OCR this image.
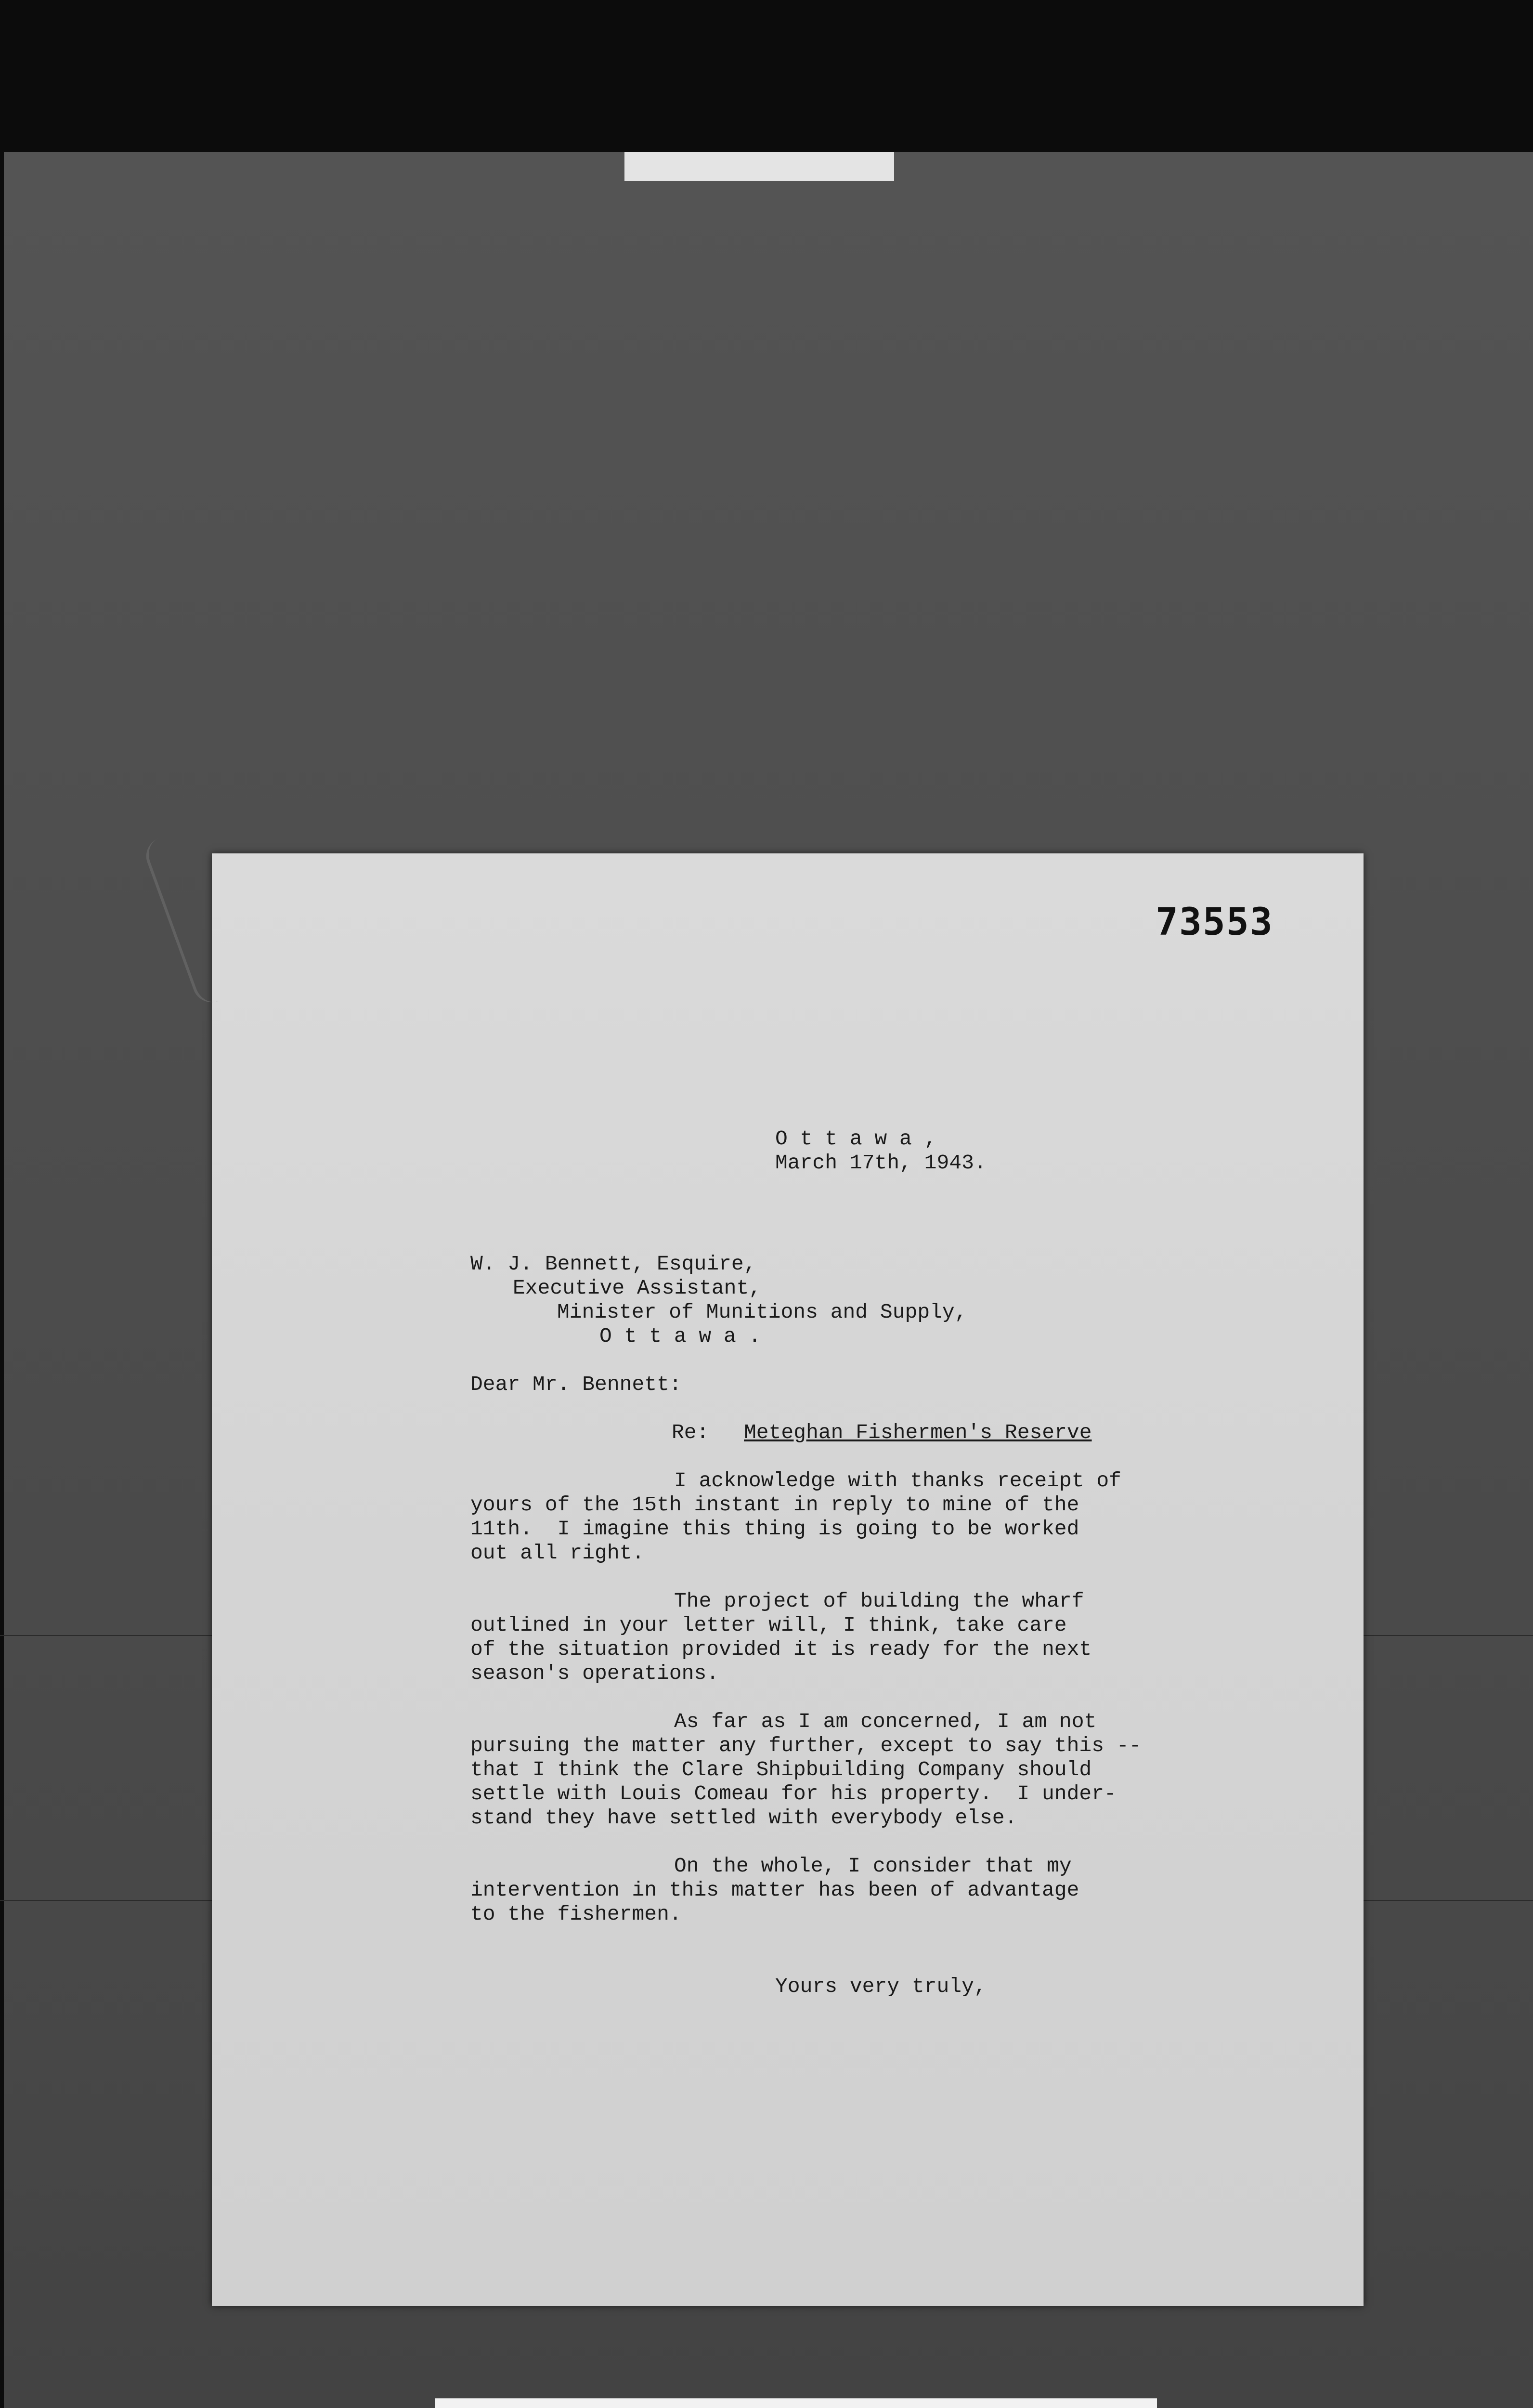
73553

O t t a w a ,

March 17th, 1943.

W. J. Bennett, Esquire,

Executive Assistant,

Minister of Munitions and Supply,

O t t a w a .

Dear Mr. Bennett:

Re: Meteghan Fishermen's Reserve

I acknowledge with thanks receipt of
yours of the 15th instant in reply to mine of the
11th.  I imagine this thing is going to be worked
out all right.

The project of building the wharf
outlined in your letter will, I think, take care
of the situation provided it is ready for the next
season's operations.

As far as I am concerned, I am not
pursuing the matter any further, except to say this --
that I think the Clare Shipbuilding Company should
settle with Louis Comeau for his property.  I under-
stand they have settled with everybody else.

On the whole, I consider that my
intervention in this matter has been of advantage
to the fishermen.

Yours very truly,
